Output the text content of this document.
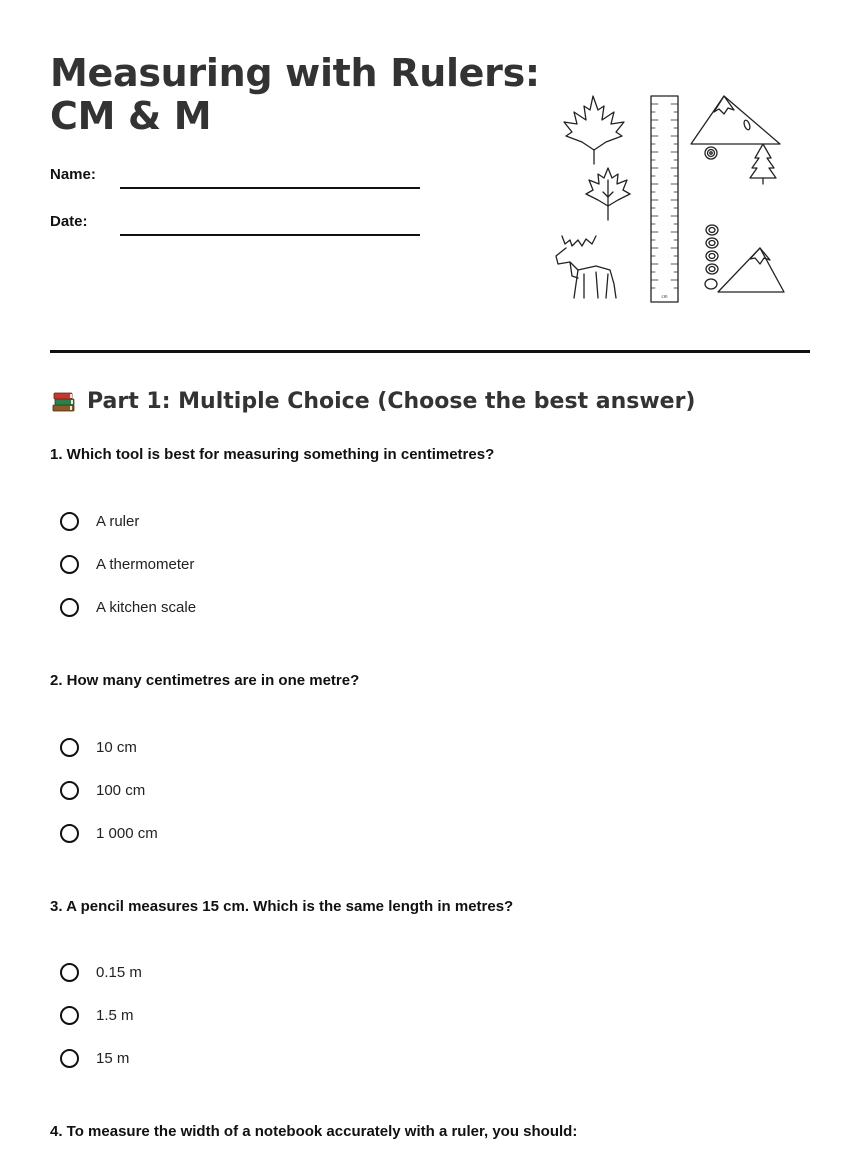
Measuring with Rulers:
CM & M
Name:
Date:
cm
Part 1: Multiple Choice (Choose the best answer)

1. Which tool is best for measuring something in centimetres?

A ruler
A thermometer
A kitchen scale

2. How many centimetres are in one metre?

10 cm
100 cm
1 000 cm

3. A pencil measures 15 cm. Which is the same length in metres?

0.15 m
1.5 m
15 m

4. To measure the width of a notebook accurately with a ruler, you should:
